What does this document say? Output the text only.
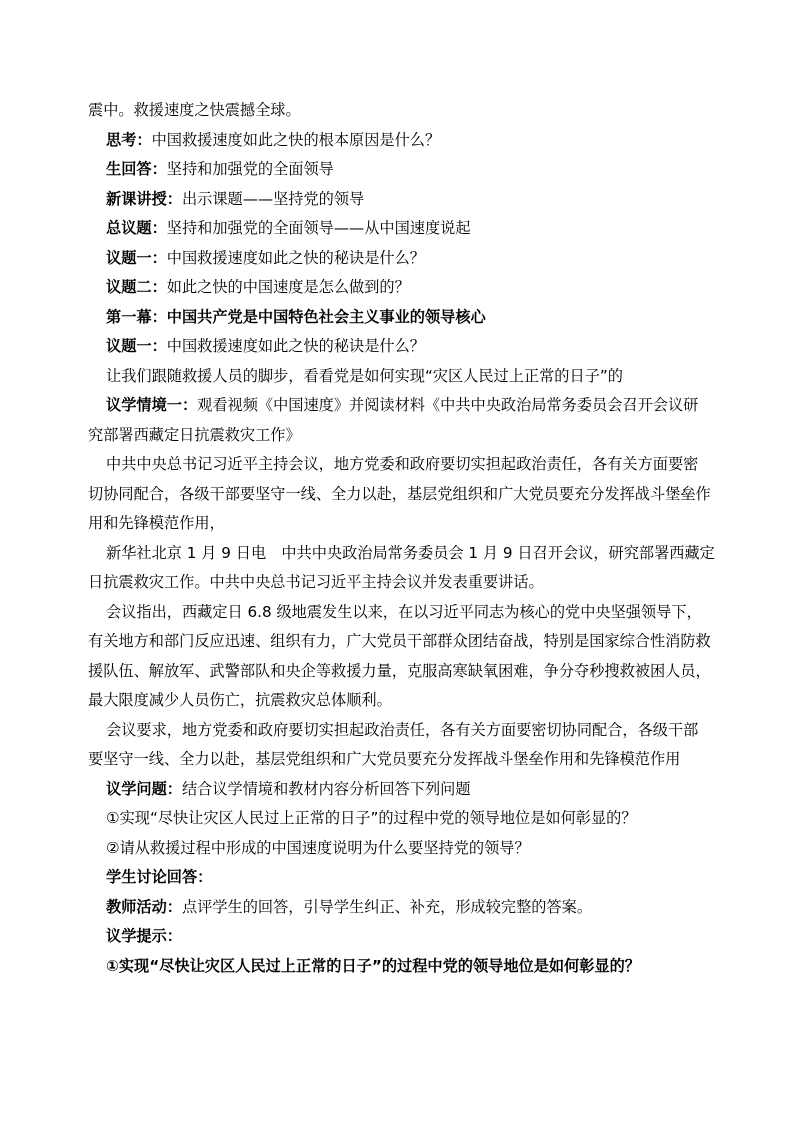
震中。救援速度之快震撼全球。

思考：中国救援速度如此之快的根本原因是什么？

生回答：坚持和加强党的全面领导

新课讲授：出示课题——坚持党的领导

总议题：坚持和加强党的全面领导——从中国速度说起

议题一：中国救援速度如此之快的秘诀是什么？

议题二：如此之快的中国速度是怎么做到的？

第一幕：中国共产党是中国特色社会主义事业的领导核心

议题一：中国救援速度如此之快的秘诀是什么？

让我们跟随救援人员的脚步，看看党是如何实现“灾区人民过上正常的日子”的

议学情境一：观看视频《中国速度》并阅读材料《中共中央政治局常务委员会召开会议研

究部署西藏定日抗震救灾工作》

中共中央总书记习近平主持会议，地方党委和政府要切实担起政治责任，各有关方面要密

切协同配合，各级干部要坚守一线、全力以赴，基层党组织和广大党员要充分发挥战斗堡垒作

用和先锋模范作用，

新华社北京 1 月 9 日电　中共中央政治局常务委员会 1 月 9 日召开会议，研究部署西藏定

日抗震救灾工作。中共中央总书记习近平主持会议并发表重要讲话。

会议指出，西藏定日 6.8 级地震发生以来，在以习近平同志为核心的党中央坚强领导下，

有关地方和部门反应迅速、组织有力，广大党员干部群众团结奋战，特别是国家综合性消防救

援队伍、解放军、武警部队和央企等救援力量，克服高寒缺氧困难，争分夺秒搜救被困人员，

最大限度减少人员伤亡，抗震救灾总体顺利。

会议要求，地方党委和政府要切实担起政治责任，各有关方面要密切协同配合，各级干部

要坚守一线、全力以赴，基层党组织和广大党员要充分发挥战斗堡垒作用和先锋模范作用

议学问题：结合议学情境和教材内容分析回答下列问题

①实现“尽快让灾区人民过上正常的日子”的过程中党的领导地位是如何彰显的？

②请从救援过程中形成的中国速度说明为什么要坚持党的领导？

学生讨论回答：

教师活动：点评学生的回答，引导学生纠正、补充，形成较完整的答案。

议学提示：

①实现“尽快让灾区人民过上正常的日子”的过程中党的领导地位是如何彰显的？
